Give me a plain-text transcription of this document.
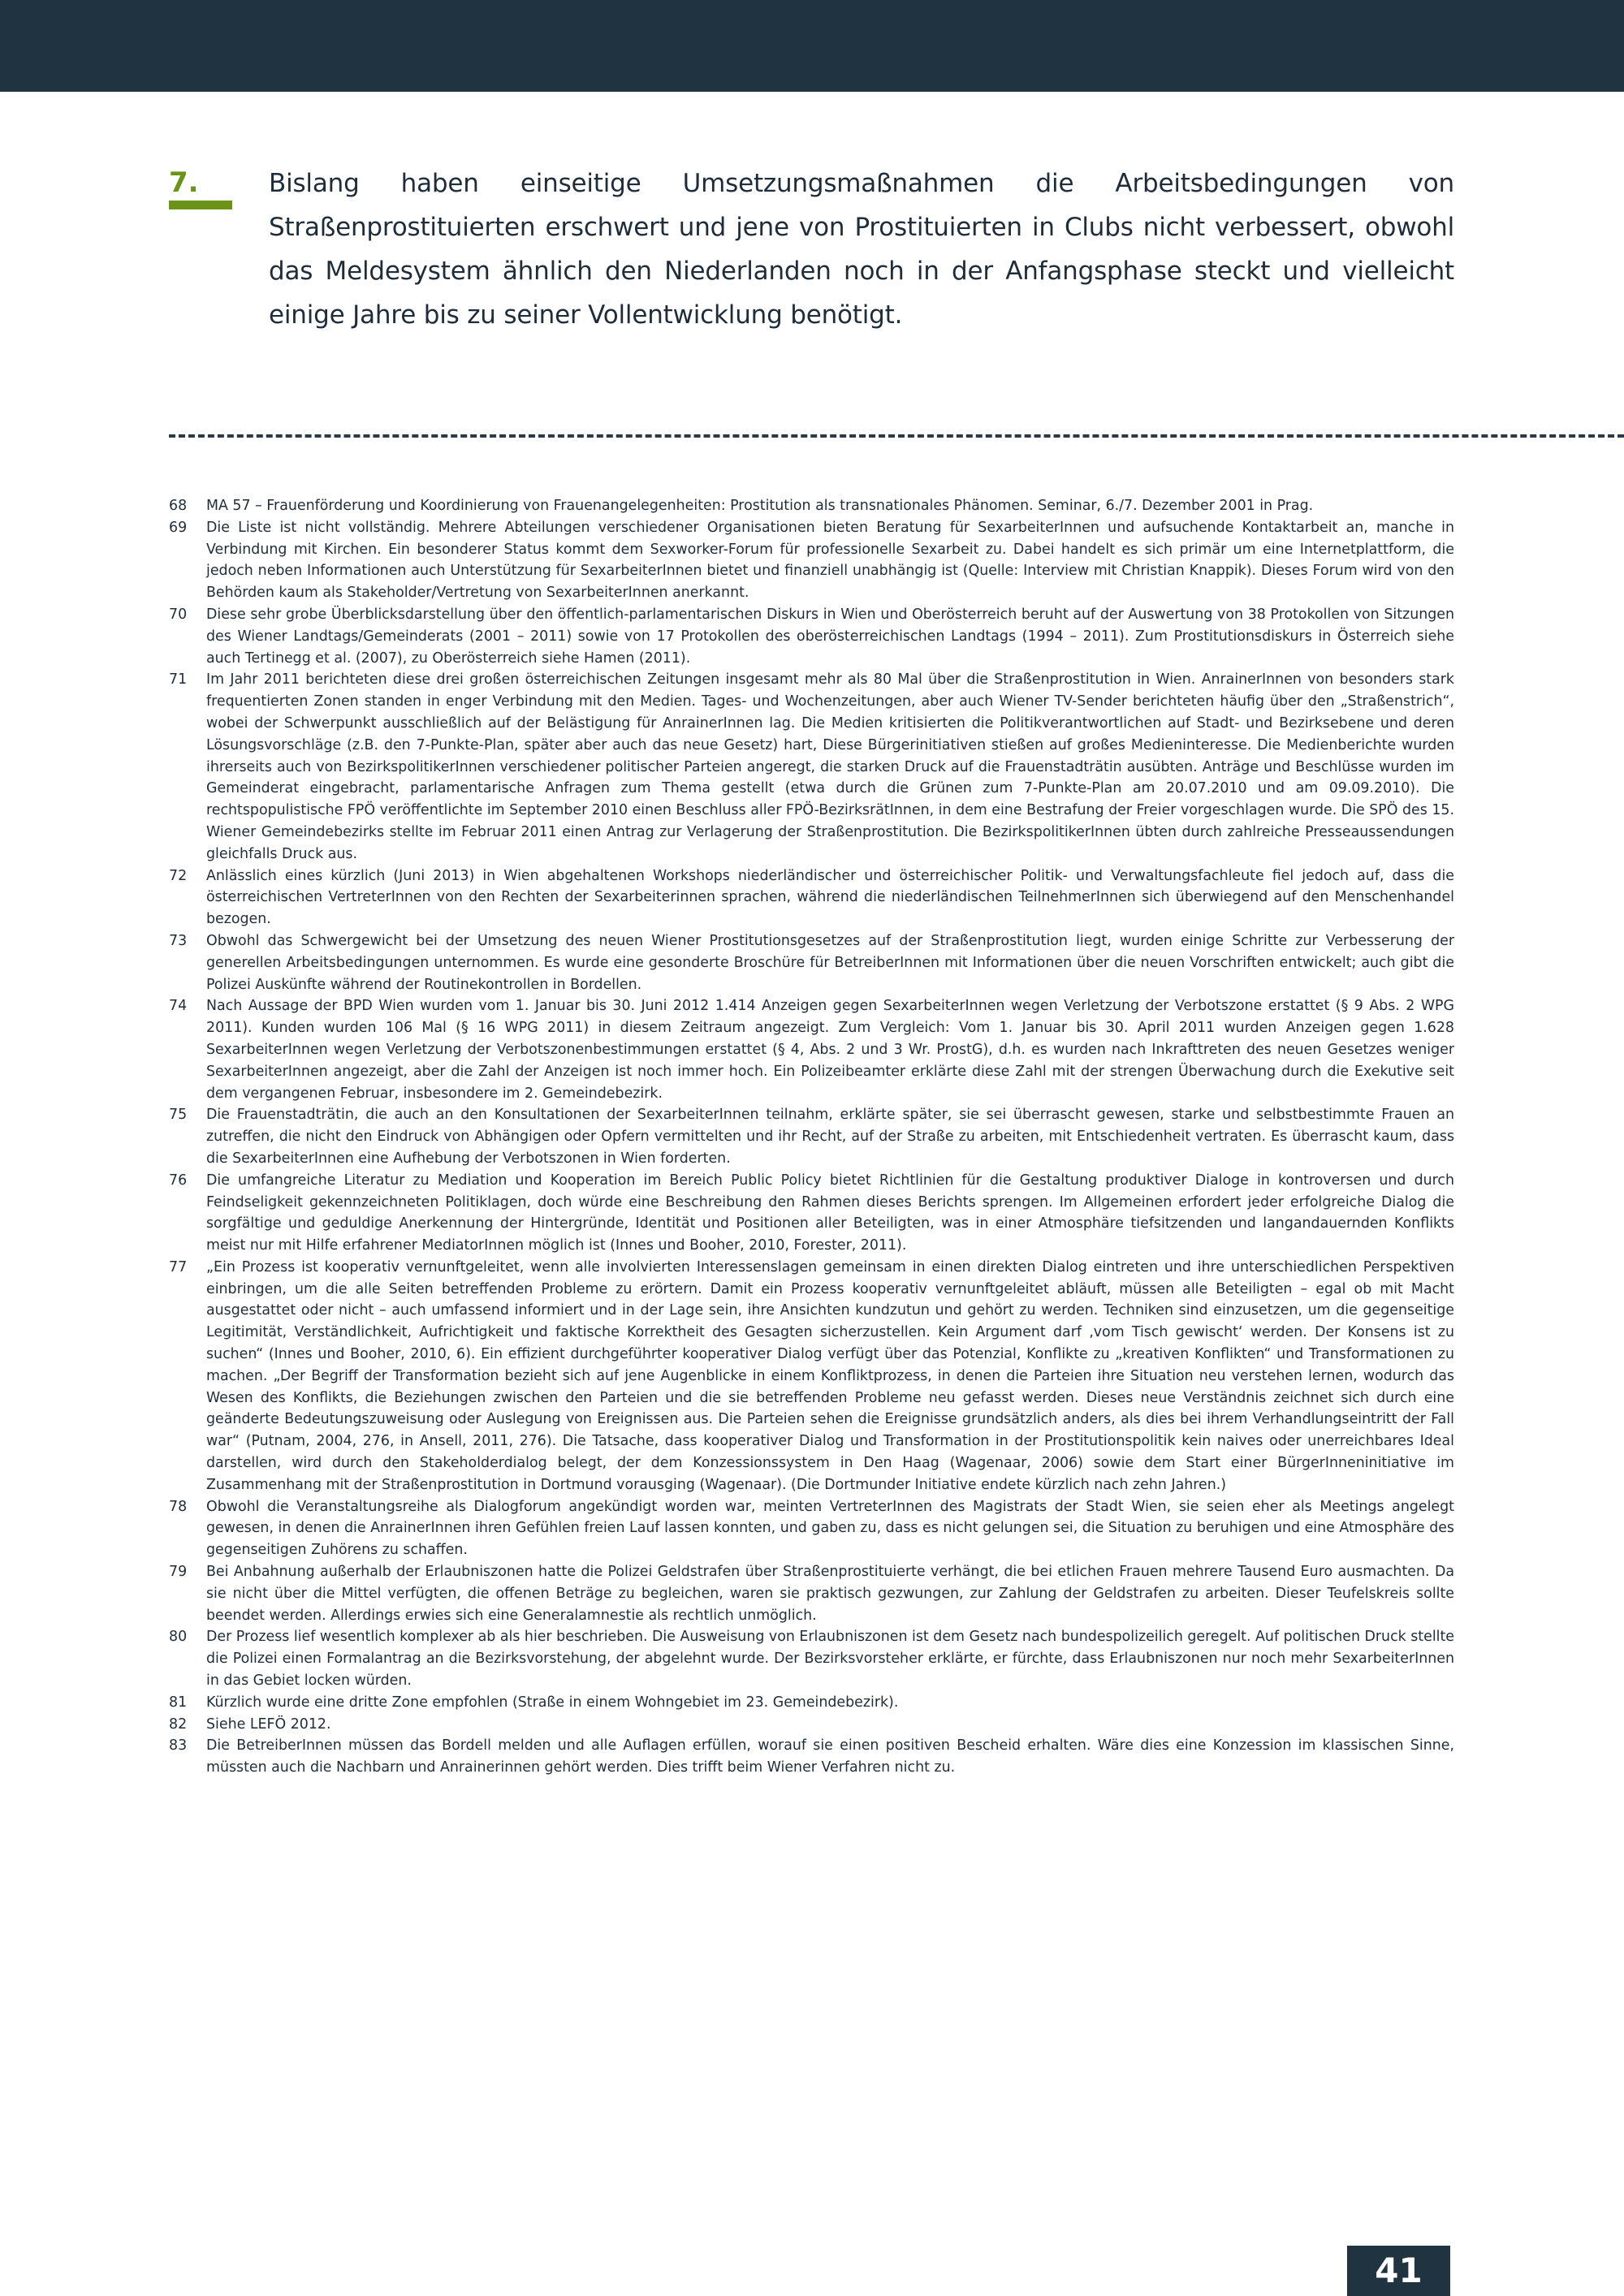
7.	Bislang haben einseitige Umsetzungsmaßnahmen die Arbeitsbedingungen von Straßenprostituierten erschwert und jene von Prostituierten in Clubs nicht verbessert, obwohl das Meldesystem ähnlich den Niederlanden noch in der Anfangsphase steckt und vielleicht einige Jahre bis zu seiner Vollentwicklung benötigt.
68	MA 57 – Frauenförderung und Koordinierung von Frauenangelegenheiten: Prostitution als transnationales Phänomen. Seminar, 6./7. Dezember 2001 in Prag.
69	Die Liste ist nicht vollständig. Mehrere Abteilungen verschiedener Organisationen bieten Beratung für SexarbeiterInnen und aufsuchende Kontaktarbeit an, manche in Verbindung mit Kirchen. Ein besonderer Status kommt dem Sexworker-Forum für professionelle Sexarbeit zu. Dabei handelt es sich primär um eine Internetplattform, die jedoch neben Informationen auch Unterstützung für SexarbeiterInnen bietet und finanziell unabhängig ist (Quelle: Interview mit Christian Knappik). Dieses Forum wird von den Behörden kaum als Stakeholder/Vertretung von SexarbeiterInnen anerkannt.
70	Diese sehr grobe Überblicksdarstellung über den öffentlich-parlamentarischen Diskurs in Wien und Oberösterreich beruht auf der Auswertung von 38 Protokollen von Sitzungen des Wiener Landtags/Gemeinderats (2001 – 2011) sowie von 17 Protokollen des oberösterreichischen Landtags (1994 – 2011). Zum Prostitutionsdiskurs in Österreich siehe auch Tertinegg et al. (2007), zu Oberösterreich siehe Hamen (2011).
71	Im Jahr 2011 berichteten diese drei großen österreichischen Zeitungen insgesamt mehr als 80 Mal über die Straßenprostitution in Wien. AnrainerInnen von besonders stark frequentierten Zonen standen in enger Verbindung mit den Medien. Tages- und Wochenzeitungen, aber auch Wiener TV-Sender berichteten häufig über den „Straßenstrich“, wobei der Schwerpunkt ausschließlich auf der Belästigung für AnrainerInnen lag. Die Medien kritisierten die Politikverantwortlichen auf Stadt- und Bezirksebene und deren Lösungsvorschläge (z.B. den 7-Punkte-Plan, später aber auch das neue Gesetz) hart, Diese Bürgerinitiativen stießen auf großes Medieninteresse. Die Medienberichte wurden ihrerseits auch von BezirkspolitikerInnen verschiedener politischer Parteien angeregt, die starken Druck auf die Frauenstadträtin ausübten. Anträge und Beschlüsse wurden im Gemeinderat eingebracht, parlamentarische Anfragen zum Thema gestellt (etwa durch die Grünen zum 7-Punkte-Plan am 20.07.2010 und am 09.09.2010). Die rechtspopulistische FPÖ veröffentlichte im September 2010 einen Beschluss aller FPÖ-BezirksrätInnen, in dem eine Bestrafung der Freier vorgeschlagen wurde. Die SPÖ des 15. Wiener Gemeindebezirks stellte im Februar 2011 einen Antrag zur Verlagerung der Straßenprostitution. Die BezirkspolitikerInnen übten durch zahlreiche Presseaussendungen gleichfalls Druck aus.
72	Anlässlich eines kürzlich (Juni 2013) in Wien abgehaltenen Workshops niederländischer und österreichischer Politik- und Verwaltungsfachleute fiel jedoch auf, dass die österreichischen VertreterInnen von den Rechten der Sexarbeiterinnen sprachen, während die niederländischen TeilnehmerInnen sich überwiegend auf den Menschenhandel bezogen.
73	Obwohl das Schwergewicht bei der Umsetzung des neuen Wiener Prostitutionsgesetzes auf der Straßenprostitution liegt, wurden einige Schritte zur Verbesserung der generellen Arbeitsbedingungen unternommen. Es wurde eine gesonderte Broschüre für BetreiberInnen mit Informationen über die neuen Vorschriften entwickelt; auch gibt die Polizei Auskünfte während der Routinekontrollen in Bordellen.
74	Nach Aussage der BPD Wien wurden vom 1. Januar bis 30. Juni 2012 1.414 Anzeigen gegen SexarbeiterInnen wegen Verletzung der Verbotszone erstattet (§ 9 Abs. 2 WPG 2011). Kunden wurden 106 Mal (§ 16 WPG 2011) in diesem Zeitraum angezeigt. Zum Vergleich: Vom 1. Januar bis 30. April 2011 wurden Anzeigen gegen 1.628 SexarbeiterInnen wegen Verletzung der Verbotszonenbestimmungen erstattet (§ 4, Abs. 2 und 3 Wr. ProstG), d.h. es wurden nach Inkrafttreten des neuen Gesetzes weniger SexarbeiterInnen angezeigt, aber die Zahl der Anzeigen ist noch immer hoch. Ein Polizeibeamter erklärte diese Zahl mit der strengen Überwachung durch die Exekutive seit dem vergangenen Februar, insbesondere im 2. Gemeindebezirk.
75	Die Frauenstadträtin, die auch an den Konsultationen der SexarbeiterInnen teilnahm, erklärte später, sie sei überrascht gewesen, starke und selbstbestimmte Frauen an zutreffen, die nicht den Eindruck von Abhängigen oder Opfern vermittelten und ihr Recht, auf der Straße zu arbeiten, mit Entschiedenheit vertraten. Es überrascht kaum, dass die SexarbeiterInnen eine Aufhebung der Verbotszonen in Wien forderten.
76	Die umfangreiche Literatur zu Mediation und Kooperation im Bereich Public Policy bietet Richtlinien für die Gestaltung produktiver Dialoge in kontroversen und durch Feindseligkeit gekennzeichneten Politiklagen, doch würde eine Beschreibung den Rahmen dieses Berichts sprengen. Im Allgemeinen erfordert jeder erfolgreiche Dialog die sorgfältige und geduldige Anerkennung der Hintergründe, Identität und Positionen aller Beteiligten, was in einer Atmosphäre tiefsitzenden und langandauernden Konflikts meist nur mit Hilfe erfahrener MediatorInnen möglich ist (Innes und Booher, 2010, Forester, 2011).
77	„Ein Prozess ist kooperativ vernunftgeleitet, wenn alle involvierten Interessenslagen gemeinsam in einen direkten Dialog eintreten und ihre unterschiedlichen Perspektiven einbringen, um die alle Seiten betreffenden Probleme zu erörtern. Damit ein Prozess kooperativ vernunftgeleitet abläuft, müssen alle Beteiligten – egal ob mit Macht ausgestattet oder nicht – auch umfassend informiert und in der Lage sein, ihre Ansichten kundzutun und gehört zu werden. Techniken sind einzusetzen, um die gegenseitige Legitimität, Verständlichkeit, Aufrichtigkeit und faktische Korrektheit des Gesagten sicherzustellen. Kein Argument darf ‚vom Tisch gewischt‘ werden. Der Konsens ist zu suchen“ (Innes und Booher, 2010, 6). Ein effizient durchgeführter kooperativer Dialog verfügt über das Potenzial, Konflikte zu „kreativen Konflikten“ und Transformationen zu machen. „Der Begriff der Transformation bezieht sich auf jene Augenblicke in einem Konfliktprozess, in denen die Parteien ihre Situation neu verstehen lernen, wodurch das Wesen des Konflikts, die Beziehungen zwischen den Parteien und die sie betreffenden Probleme neu gefasst werden. Dieses neue Verständnis zeichnet sich durch eine geänderte Bedeutungszuweisung oder Auslegung von Ereignissen aus. Die Parteien sehen die Ereignisse grundsätzlich anders, als dies bei ihrem Verhandlungseintritt der Fall war“ (Putnam, 2004, 276, in Ansell, 2011, 276). Die Tatsache, dass kooperativer Dialog und Transformation in der Prostitutionspolitik kein naives oder unerreichbares Ideal darstellen, wird durch den Stakeholderdialog belegt, der dem Konzessionssystem in Den Haag (Wagenaar, 2006) sowie dem Start einer BürgerInneninitiative im Zusammenhang mit der Straßenprostitution in Dortmund vorausging (Wagenaar). (Die Dortmunder Initiative endete kürzlich nach zehn Jahren.)
78	Obwohl die Veranstaltungsreihe als Dialogforum angekündigt worden war, meinten VertreterInnen des Magistrats der Stadt Wien, sie seien eher als Meetings angelegt gewesen, in denen die AnrainerInnen ihren Gefühlen freien Lauf lassen konnten, und gaben zu, dass es nicht gelungen sei, die Situation zu beruhigen und eine Atmosphäre des gegenseitigen Zuhörens zu schaffen.
79	Bei Anbahnung außerhalb der Erlaubniszonen hatte die Polizei Geldstrafen über Straßenprostituierte verhängt, die bei etlichen Frauen mehrere Tausend Euro ausmachten. Da sie nicht über die Mittel verfügten, die offenen Beträge zu begleichen, waren sie praktisch gezwungen, zur Zahlung der Geldstrafen zu arbeiten. Dieser Teufelskreis sollte beendet werden. Allerdings erwies sich eine Generalamnestie als rechtlich unmöglich.
80	Der Prozess lief wesentlich komplexer ab als hier beschrieben. Die Ausweisung von Erlaubniszonen ist dem Gesetz nach bundespolizeilich geregelt. Auf politischen Druck stellte die Polizei einen Formalantrag an die Bezirksvorstehung, der abgelehnt wurde. Der Bezirksvorsteher erklärte, er fürchte, dass Erlaubniszonen nur noch mehr SexarbeiterInnen in das Gebiet locken würden.
81	Kürzlich wurde eine dritte Zone empfohlen (Straße in einem Wohngebiet im 23. Gemeindebezirk).
82	Siehe LEFÖ 2012.
83	Die BetreiberInnen müssen das Bordell melden und alle Auflagen erfüllen, worauf sie einen positiven Bescheid erhalten. Wäre dies eine Konzession im klassischen Sinne, müssten auch die Nachbarn und Anrainerinnen gehört werden. Dies trifft beim Wiener Verfahren nicht zu.
41
